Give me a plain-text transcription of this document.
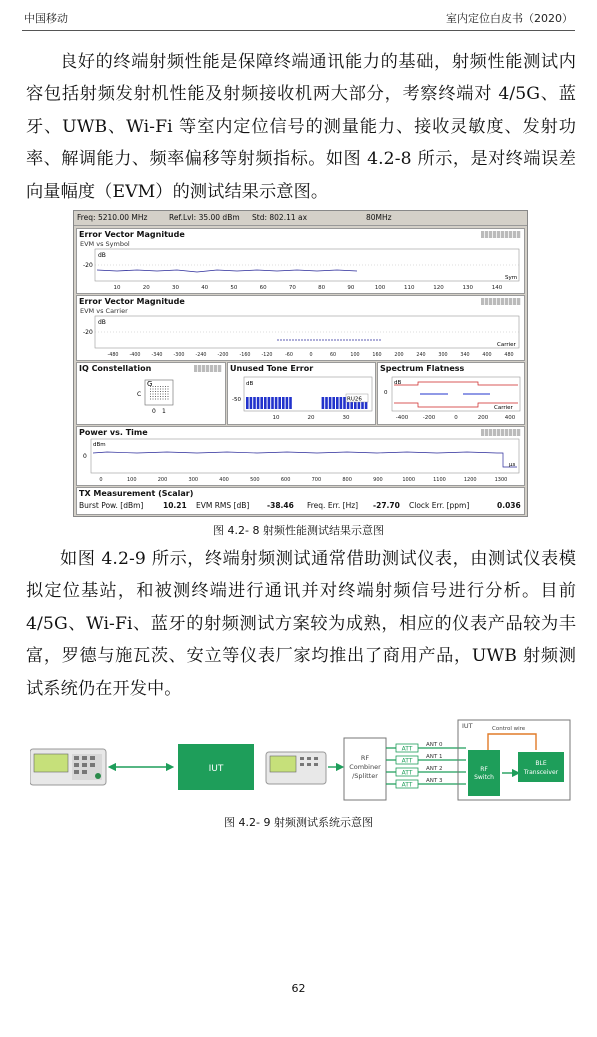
中国移动	室内定位白皮书（2020）
良好的终端射频性能是保障终端通讯能力的基础，射频性能测试内容包括射频发射机性能及射频接收机两大部分，考察终端对 4/5G、蓝牙、UWB、Wi-Fi 等室内定位信号的测量能力、接收灵敏度、发射功率、解调能力、频率偏移等射频指标。如图 4.2-8 所示，是对终端误差向量幅度（EVM）的测试结果示意图。
Freq: 5210.00 MHz	Ref.Lvl: 35.00 dBm Std: 802.11 ax	80MHz
Error Vector Magnitude
EVM vs Symbol
-20
dB
Sym
10	20	30	40	50	60	70	80	90	100	110	120	130	140
Error Vector Magnitude
EVM vs Carrier
-20
dB
Carrier
-480 -400 -340 -300 -240 -200 -160 -120	-60	0	60	100	160	200	240	300	340	400	480
IQ Constellation
G
C
0 1
Unused Tone Error
dB
-50	RU26
10	20	30
Spectrum Flatness
dB
0
Carrier
-400	-200	0	200	400
Power vs. Time
dBm
0
µs
0	100	200	300	400	500	600	700	800	900	1000	1100	1200	1300
TX Measurement (Scalar)
Burst Pow. [dBm]	10.21 EVM RMS [dB] -38.46 Freq. Err. [Hz] -27.70 Clock Err. [ppm]	0.036
图 4.2- 8 射频性能测试结果示意图
如图 4.2-9 所示，终端射频测试通常借助测试仪表，由测试仪表模拟定位基站，和被测终端进行通讯并对终端射频信号进行分析。目前 4/5G、Wi-Fi、蓝牙的射频测试方案较为成熟，相应的仪表产品较为丰富，罗德与施瓦茨、安立等仪表厂家均推出了商用产品，UWB 射频测试系统仍在开发中。
IUT
RF
Combiner
/Splitter
ATT
ANT 0
ATT
ANT 1
ATT
ANT 2
ATT
ANT 3
IUT	Control wire
RF
Switch
BLE
Transceiver
图 4.2- 9 射频测试系统示意图
62
